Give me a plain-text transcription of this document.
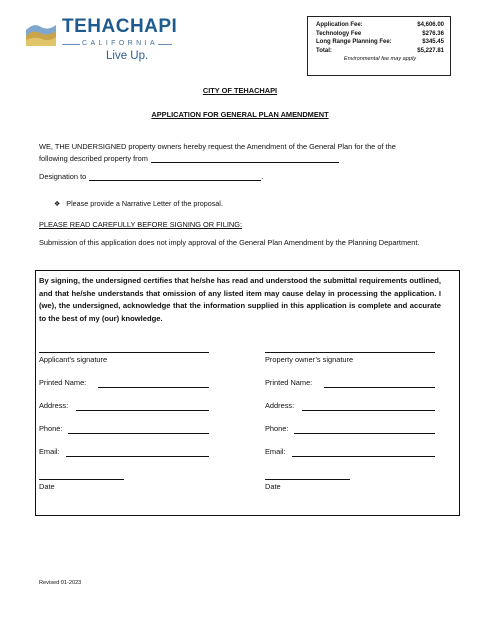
TEHACHAPI
CALIFORNIA
Live Up.
Application Fee:	$4,606.00
Technology Fee	$276.36
Long Range Planning Fee:	$345.45
Total:	$5,227.81
Environmental fee may apply
CITY OF TEHACHAPI
APPLICATION FOR GENERAL PLAN AMENDMENT
WE, THE UNDERSIGNED property owners hereby request the Amendment of the General Plan for the of the
following described property from
Designation to	.
❖ Please provide a Narrative Letter of the proposal.
PLEASE READ CAREFULLY BEFORE SIGNING OR FILING:
Submission of this application does not imply approval of the General Plan Amendment by the Planning Department.
By signing, the undersigned certifies that he/she has read and understood the submittal requirements outlined, and that he/she understands that omission of any listed item may cause delay in processing the application. I (we), the undersigned, acknowledge that the information supplied in this application is complete and accurate to the best of my (our) knowledge.
Applicant’s signature
Printed Name:
Address:
Phone:
Email:
Date
Property owner’s signature
Printed Name:
Address:
Phone:
Email:
Date
Revised 01-2023
